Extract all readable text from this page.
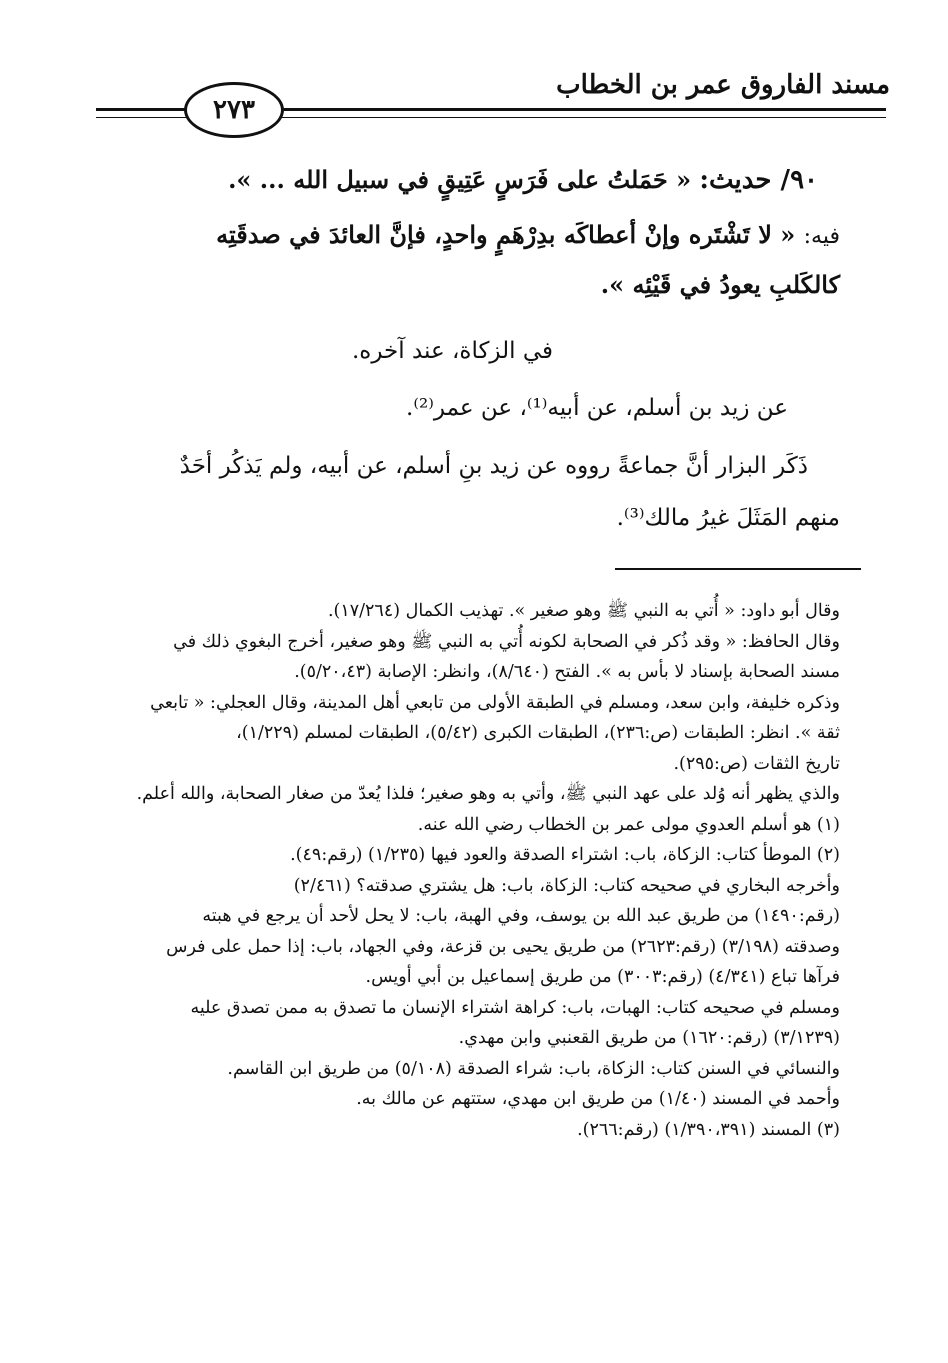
مسند الفاروق عمر بن الخطاب
٢٧٣
٩٠/ حديث: « حَمَلتُ على فَرَسٍ عَتِيقٍ في سبيل الله ... ».
فيه: « لا تَشْتَره وإنْ أعطاكَه بدِرْهَمٍ واحدٍ، فإنَّ العائدَ في صدقَتِه
كالكَلبِ يعودُ في قَيْئِه ».
في الزكاة، عند آخره.
عن زيد بن أسلم، عن أبيه⁽¹⁾، عن عمر⁽²⁾.
ذَكَر البزار أنَّ جماعةً رووه عن زيد بنِ أسلم، عن أبيه، ولم يَذكُر أحَدٌ
منهم المَثَلَ غيرُ مالك⁽³⁾.

وقال أبو داود: « أُتي به النبي ﷺ وهو صغير ». تهذيب الكمال (١٧/٢٦٤).

وقال الحافظ: « وقد ذُكر في الصحابة لكونه أُتي به النبي ﷺ وهو صغير، أخرج البغوي ذلك في

مسند الصحابة بإسناد لا بأس به ». الفتح (٨/٦٤٠)، وانظر: الإصابة (٥/٢٠،٤٣).

وذكره خليفة، وابن سعد، ومسلم في الطبقة الأولى من تابعي أهل المدينة، وقال العجلي: « تابعي

ثقة ». انظر: الطبقات (ص:٢٣٦)، الطبقات الكبرى (٥/٤٢)، الطبقات لمسلم (١/٢٢٩)،

تاريخ الثقات (ص:٢٩٥).

والذي يظهر أنه وُلد على عهد النبي ﷺ، وأتي به وهو صغير؛ فلذا يُعدّ من صغار الصحابة، والله أعلم.

(١) هو أسلم العدوي مولى عمر بن الخطاب رضي الله عنه.

(٢) الموطأ كتاب: الزكاة، باب: اشتراء الصدقة والعود فيها (١/٢٣٥) (رقم:٤٩).

وأخرجه البخاري في صحيحه كتاب: الزكاة، باب: هل يشتري صدقته؟ (٢/٤٦١)

(رقم:١٤٩٠) من طريق عبد الله بن يوسف، وفي الهبة، باب: لا يحل لأحد أن يرجع في هبته

وصدقته (٣/١٩٨) (رقم:٢٦٢٣) من طريق يحيى بن قزعة، وفي الجهاد، باب: إذا حمل على فرس

فرآها تباع (٤/٣٤١) (رقم:٣٠٠٣) من طريق إسماعيل بن أبي أويس.

ومسلم في صحيحه كتاب: الهبات، باب: كراهة اشتراء الإنسان ما تصدق به ممن تصدق عليه

(٣/١٢٣٩) (رقم:١٦٢٠) من طريق القعنبي وابن مهدي.

والنسائي في السنن كتاب: الزكاة، باب: شراء الصدقة (٥/١٠٨) من طريق ابن القاسم.

وأحمد في المسند (١/٤٠) من طريق ابن مهدي، ستتهم عن مالك به.

(٣) المسند (١/٣٩٠،٣٩١) (رقم:٢٦٦).
